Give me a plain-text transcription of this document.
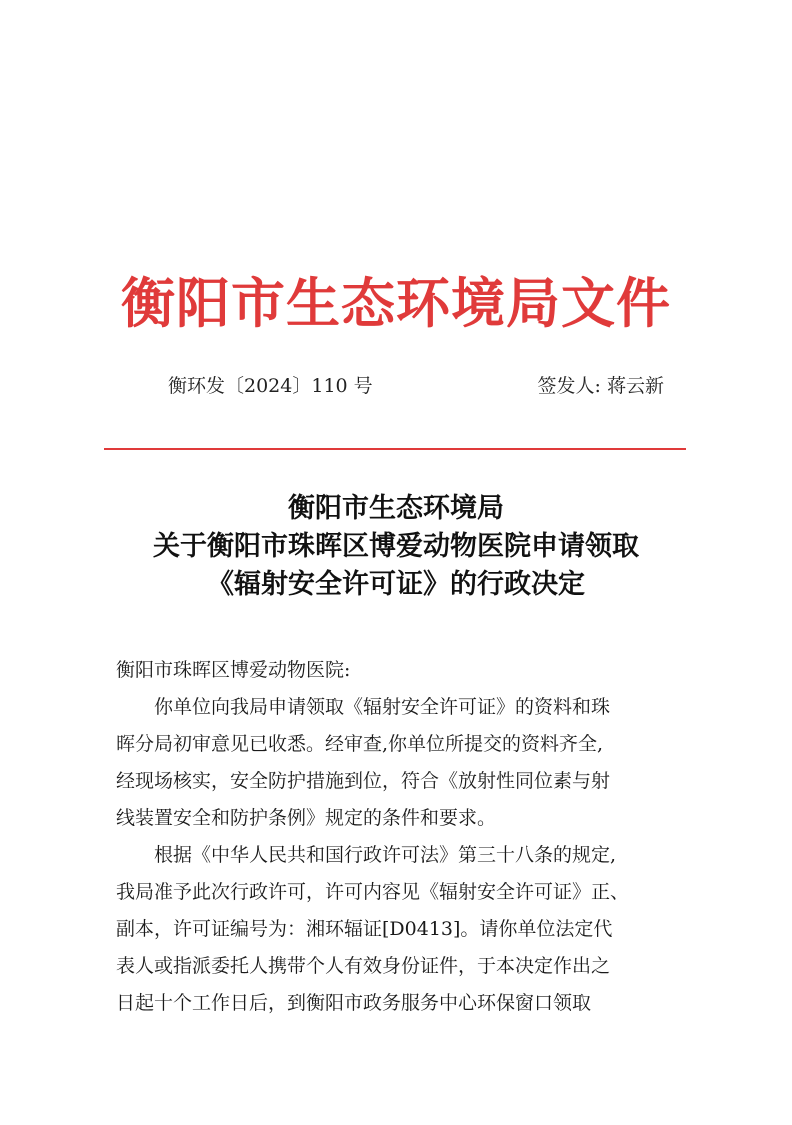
衡阳市生态环境局文件
衡环发〔2024〕110 号	签发人: 蒋云新
衡阳市生态环境局
关于衡阳市珠晖区博爱动物医院申请领取
《辐射安全许可证》的行政决定

衡阳市珠晖区博爱动物医院:

　　你单位向我局申请领取《辐射安全许可证》的资料和珠

晖分局初审意见已收悉。经审查,你单位所提交的资料齐全,

经现场核实，安全防护措施到位，符合《放射性同位素与射

线装置安全和防护条例》规定的条件和要求。

　　根据《中华人民共和国行政许可法》第三十八条的规定,

我局准予此次行政许可，许可内容见《辐射安全许可证》正、

副本，许可证编号为：湘环辐证[D0413]。请你单位法定代

表人或指派委托人携带个人有效身份证件，于本决定作出之

日起十个工作日后，到衡阳市政务服务中心环保窗口领取
